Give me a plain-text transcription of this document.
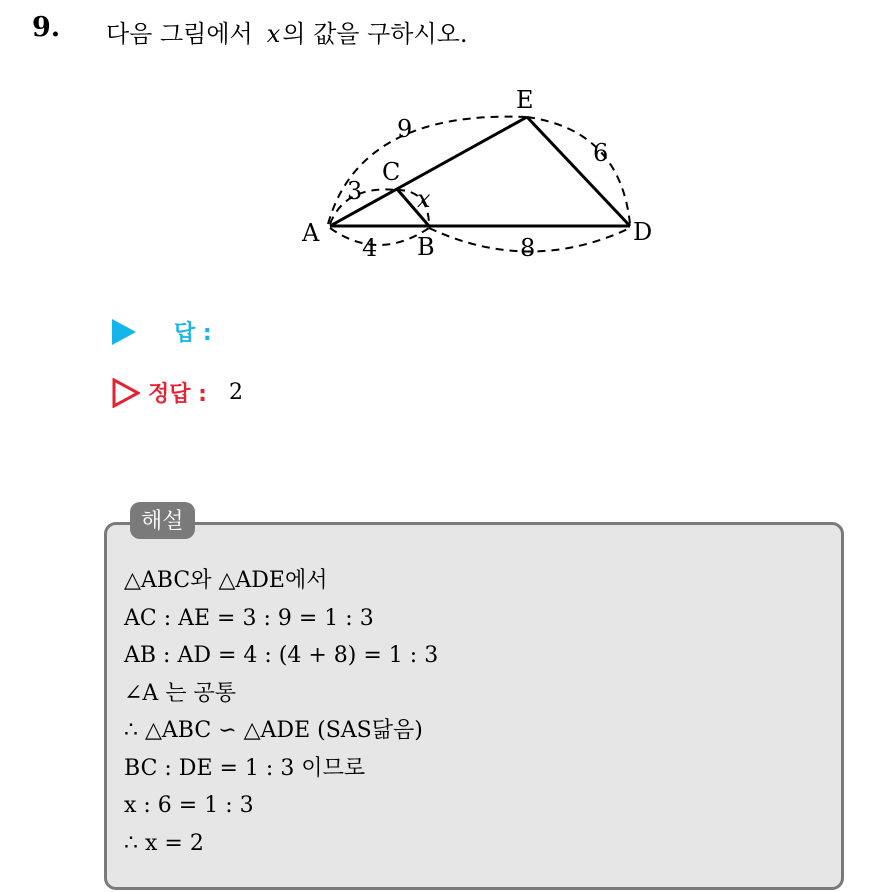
9. 다음 그림에서 x의 값을 구하시오.
A	B
C
D
E
9
6
3 x
4	8
답 :
정답 : 2
해설
△ABC와 △ADE에서
AC : AE = 3 : 9 = 1 : 3
AB : AD = 4 : (4 + 8) = 1 : 3
∠A 는 공통
∴ △ABC ∽ △ADE (SAS닮음)
BC : DE = 1 : 3 이므로
x : 6 = 1 : 3
∴ x = 2
